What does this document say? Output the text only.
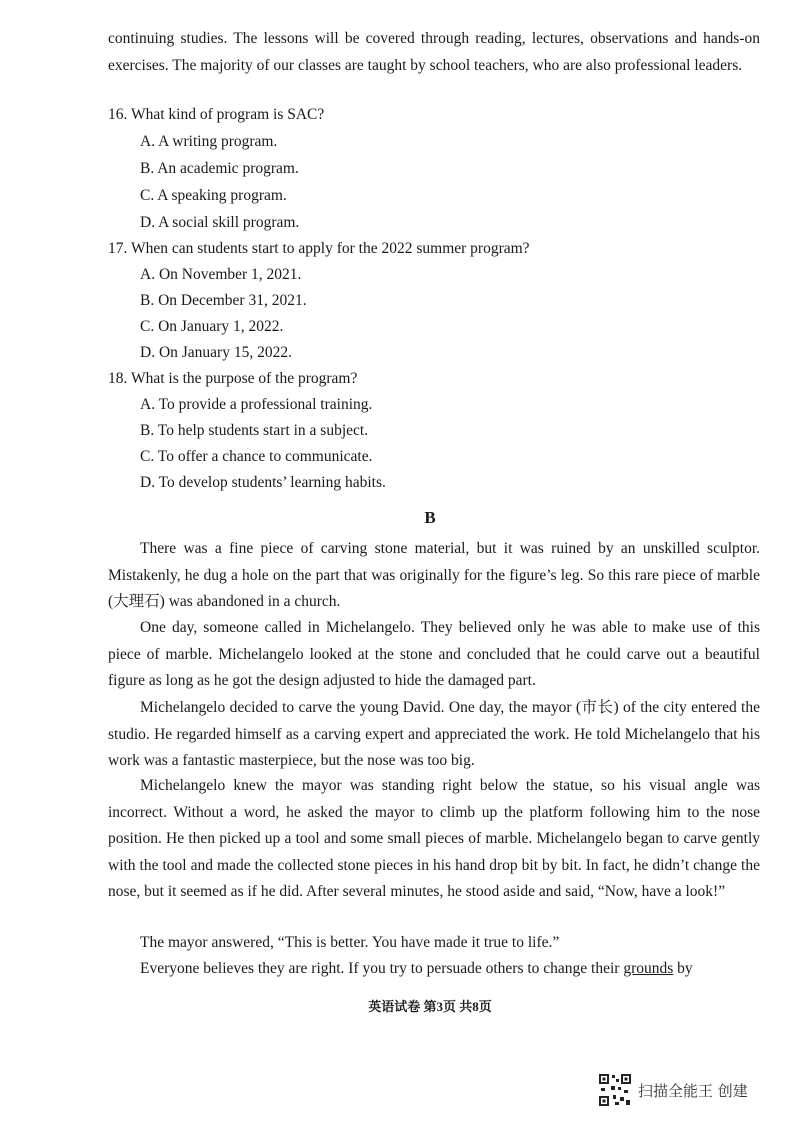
continuing studies. The lessons will be covered through reading, lectures, observations and hands-on exercises. The majority of our classes are taught by school teachers, who are also professional leaders.
16. What kind of program is SAC?
A. A writing program.
B. An academic program.
C. A speaking program.
D. A social skill program.
17. When can students start to apply for the 2022 summer program?
A. On November 1, 2021.
B. On December 31, 2021.
C. On January 1, 2022.
D. On January 15, 2022.
18. What is the purpose of the program?
A. To provide a professional training.
B. To help students start in a subject.
C. To offer a chance to communicate.
D. To develop students’ learning habits.
B
There was a fine piece of carving stone material, but it was ruined by an unskilled sculptor. Mistakenly, he dug a hole on the part that was originally for the figure’s leg. So this rare piece of marble (大理石) was abandoned in a church.
One day, someone called in Michelangelo. They believed only he was able to make use of this piece of marble. Michelangelo looked at the stone and concluded that he could carve out a beautiful figure as long as he got the design adjusted to hide the damaged part.
Michelangelo decided to carve the young David. One day, the mayor (市长) of the city entered the studio. He regarded himself as a carving expert and appreciated the work. He told Michelangelo that his work was a fantastic masterpiece, but the nose was too big.
Michelangelo knew the mayor was standing right below the statue, so his visual angle was incorrect. Without a word, he asked the mayor to climb up the platform following him to the nose position. He then picked up a tool and some small pieces of marble. Michelangelo began to carve gently with the tool and made the collected stone pieces in his hand drop bit by bit. In fact, he didn’t change the nose, but it seemed as if he did. After several minutes, he stood aside and said, “Now, have a look!”
The mayor answered, “This is better. You have made it true to life.”
Everyone believes they are right. If you try to persuade others to change their grounds by
英语试卷 第3页 共8页
扫描全能王 创建
